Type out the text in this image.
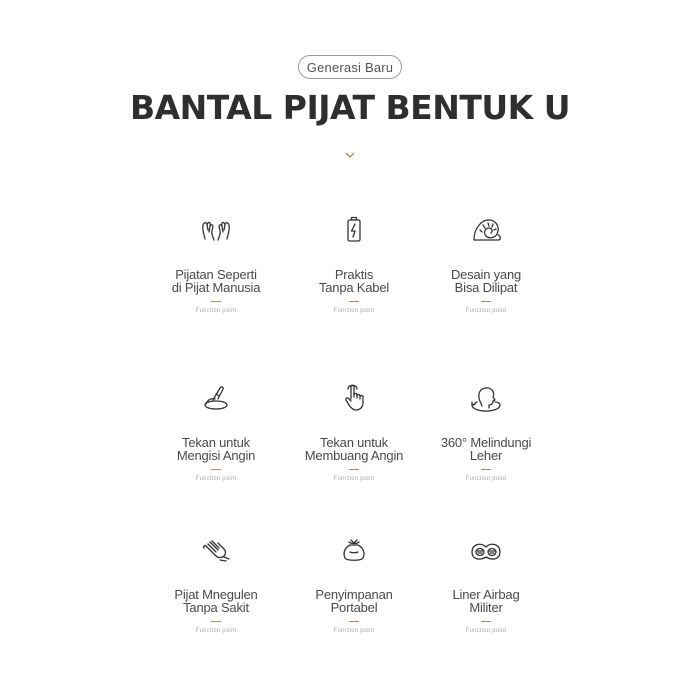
Generasi Baru
BANTAL PIJAT BENTUK U
Pijatan Seperti
di Pijat Manusia
Function point
Praktis
Tanpa Kabel
Function point
Desain yang
Bisa Dilipat
Function point
Tekan untuk
Mengisi Angin
Function point
Tekan untuk
Membuang Angin
Function point
360° Melindungi
Leher
Function point
Pijat Mnegulen
Tanpa Sakit
Function point
Penyimpanan
Portabel
Function point
Liner Airbag
Militer
Function point
